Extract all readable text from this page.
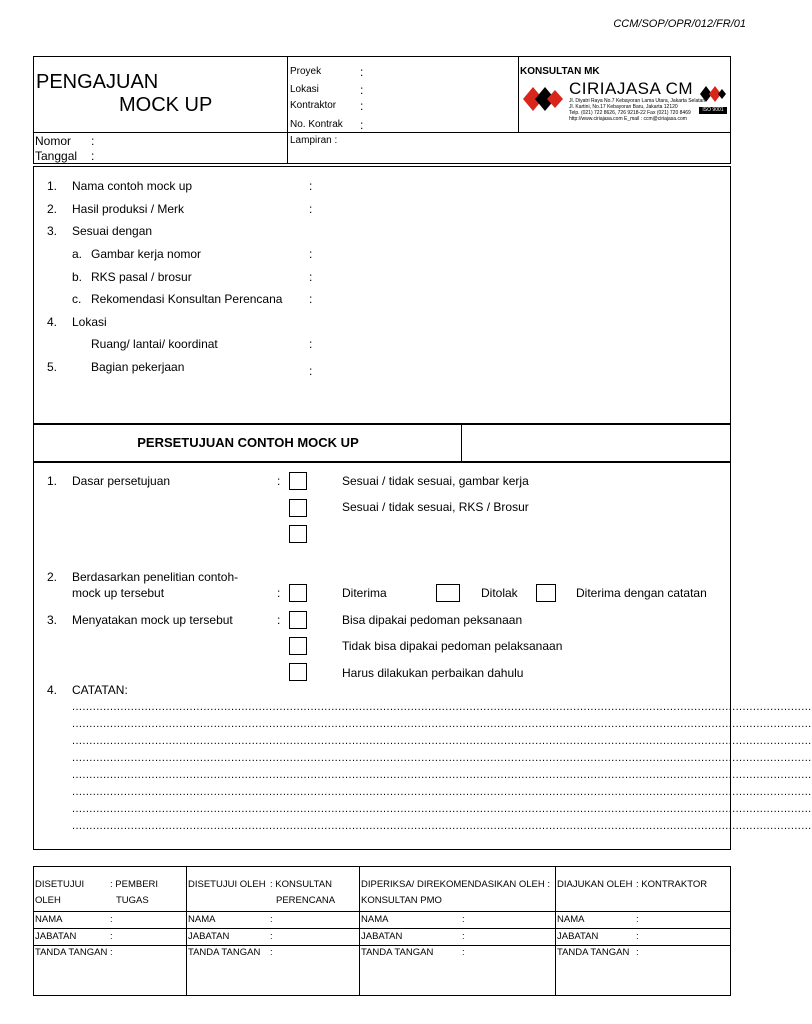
CCM/SOP/OPR/012/FR/01
PENGAJUAN
MOCK UP
Proyek	:
Lokasi	:
Kontraktor :
No. Kontrak :
KONSULTAN MK
CIRIAJASA CM
Jl. Diyatri Raya No.7 Kebayoran Lama Utara, Jakarta Selatan
Jl. Kartini, No.17 Kebayoran Baru, Jakarta 12120
Telp. (021) 722 8626, 726 9218-22 Fax (021) 720 8469
http://www.ciriajasa.com E_mail : ccm@ciriajasa.com
ISO 9001
Nomor :
Tanggal :
Lampiran :
1. Nama contoh mock up	:
2. Hasil produksi / Merk	:
3. Sesuai dengan
a. Gambar kerja nomor	:
b. RKS pasal / brosur	:
c. Rekomendasi Konsultan Perencana :
4. Lokasi
Ruang/ lantai/ koordinat	:
5.	Bagian pekerjaan	:
PERSETUJUAN CONTOH MOCK UP
1. Dasar persetujuan	:	Sesuai / tidak sesuai, gambar kerja
Sesuai / tidak sesuai, RKS / Brosur
2. Berdasarkan penelitian contoh-
mock up tersebut	:	Diterima	Ditolak	Diterima dengan catatan
3. Menyatakan mock up tersebut	:	Bisa dipakai pedoman peksanaan
Tidak bisa dipakai pedoman pelaksanaan
Harus dilakukan perbaikan dahulu
4. CATATAN:
......................................................................................................................................................................................................................
......................................................................................................................................................................................................................
......................................................................................................................................................................................................................
......................................................................................................................................................................................................................
......................................................................................................................................................................................................................
......................................................................................................................................................................................................................
......................................................................................................................................................................................................................
......................................................................................................................................................................................................................
DISETUJUI
OLEH
: PEMBERI
TUGAS
DISETUJUI OLEH : KONSULTAN
PERENCANA
DIPERIKSA/ DIREKOMENDASIKAN OLEH :
KONSULTAN PMO
DIAJUKAN OLEH : KONTRAKTOR
NAMA	:	NAMA	:	NAMA	:	NAMA	:
JABATAN	:	JABATAN	:	JABATAN	:	JABATAN	:
TANDA TANGAN :	TANDA TANGAN :	TANDA TANGAN	:	TANDA TANGAN :
